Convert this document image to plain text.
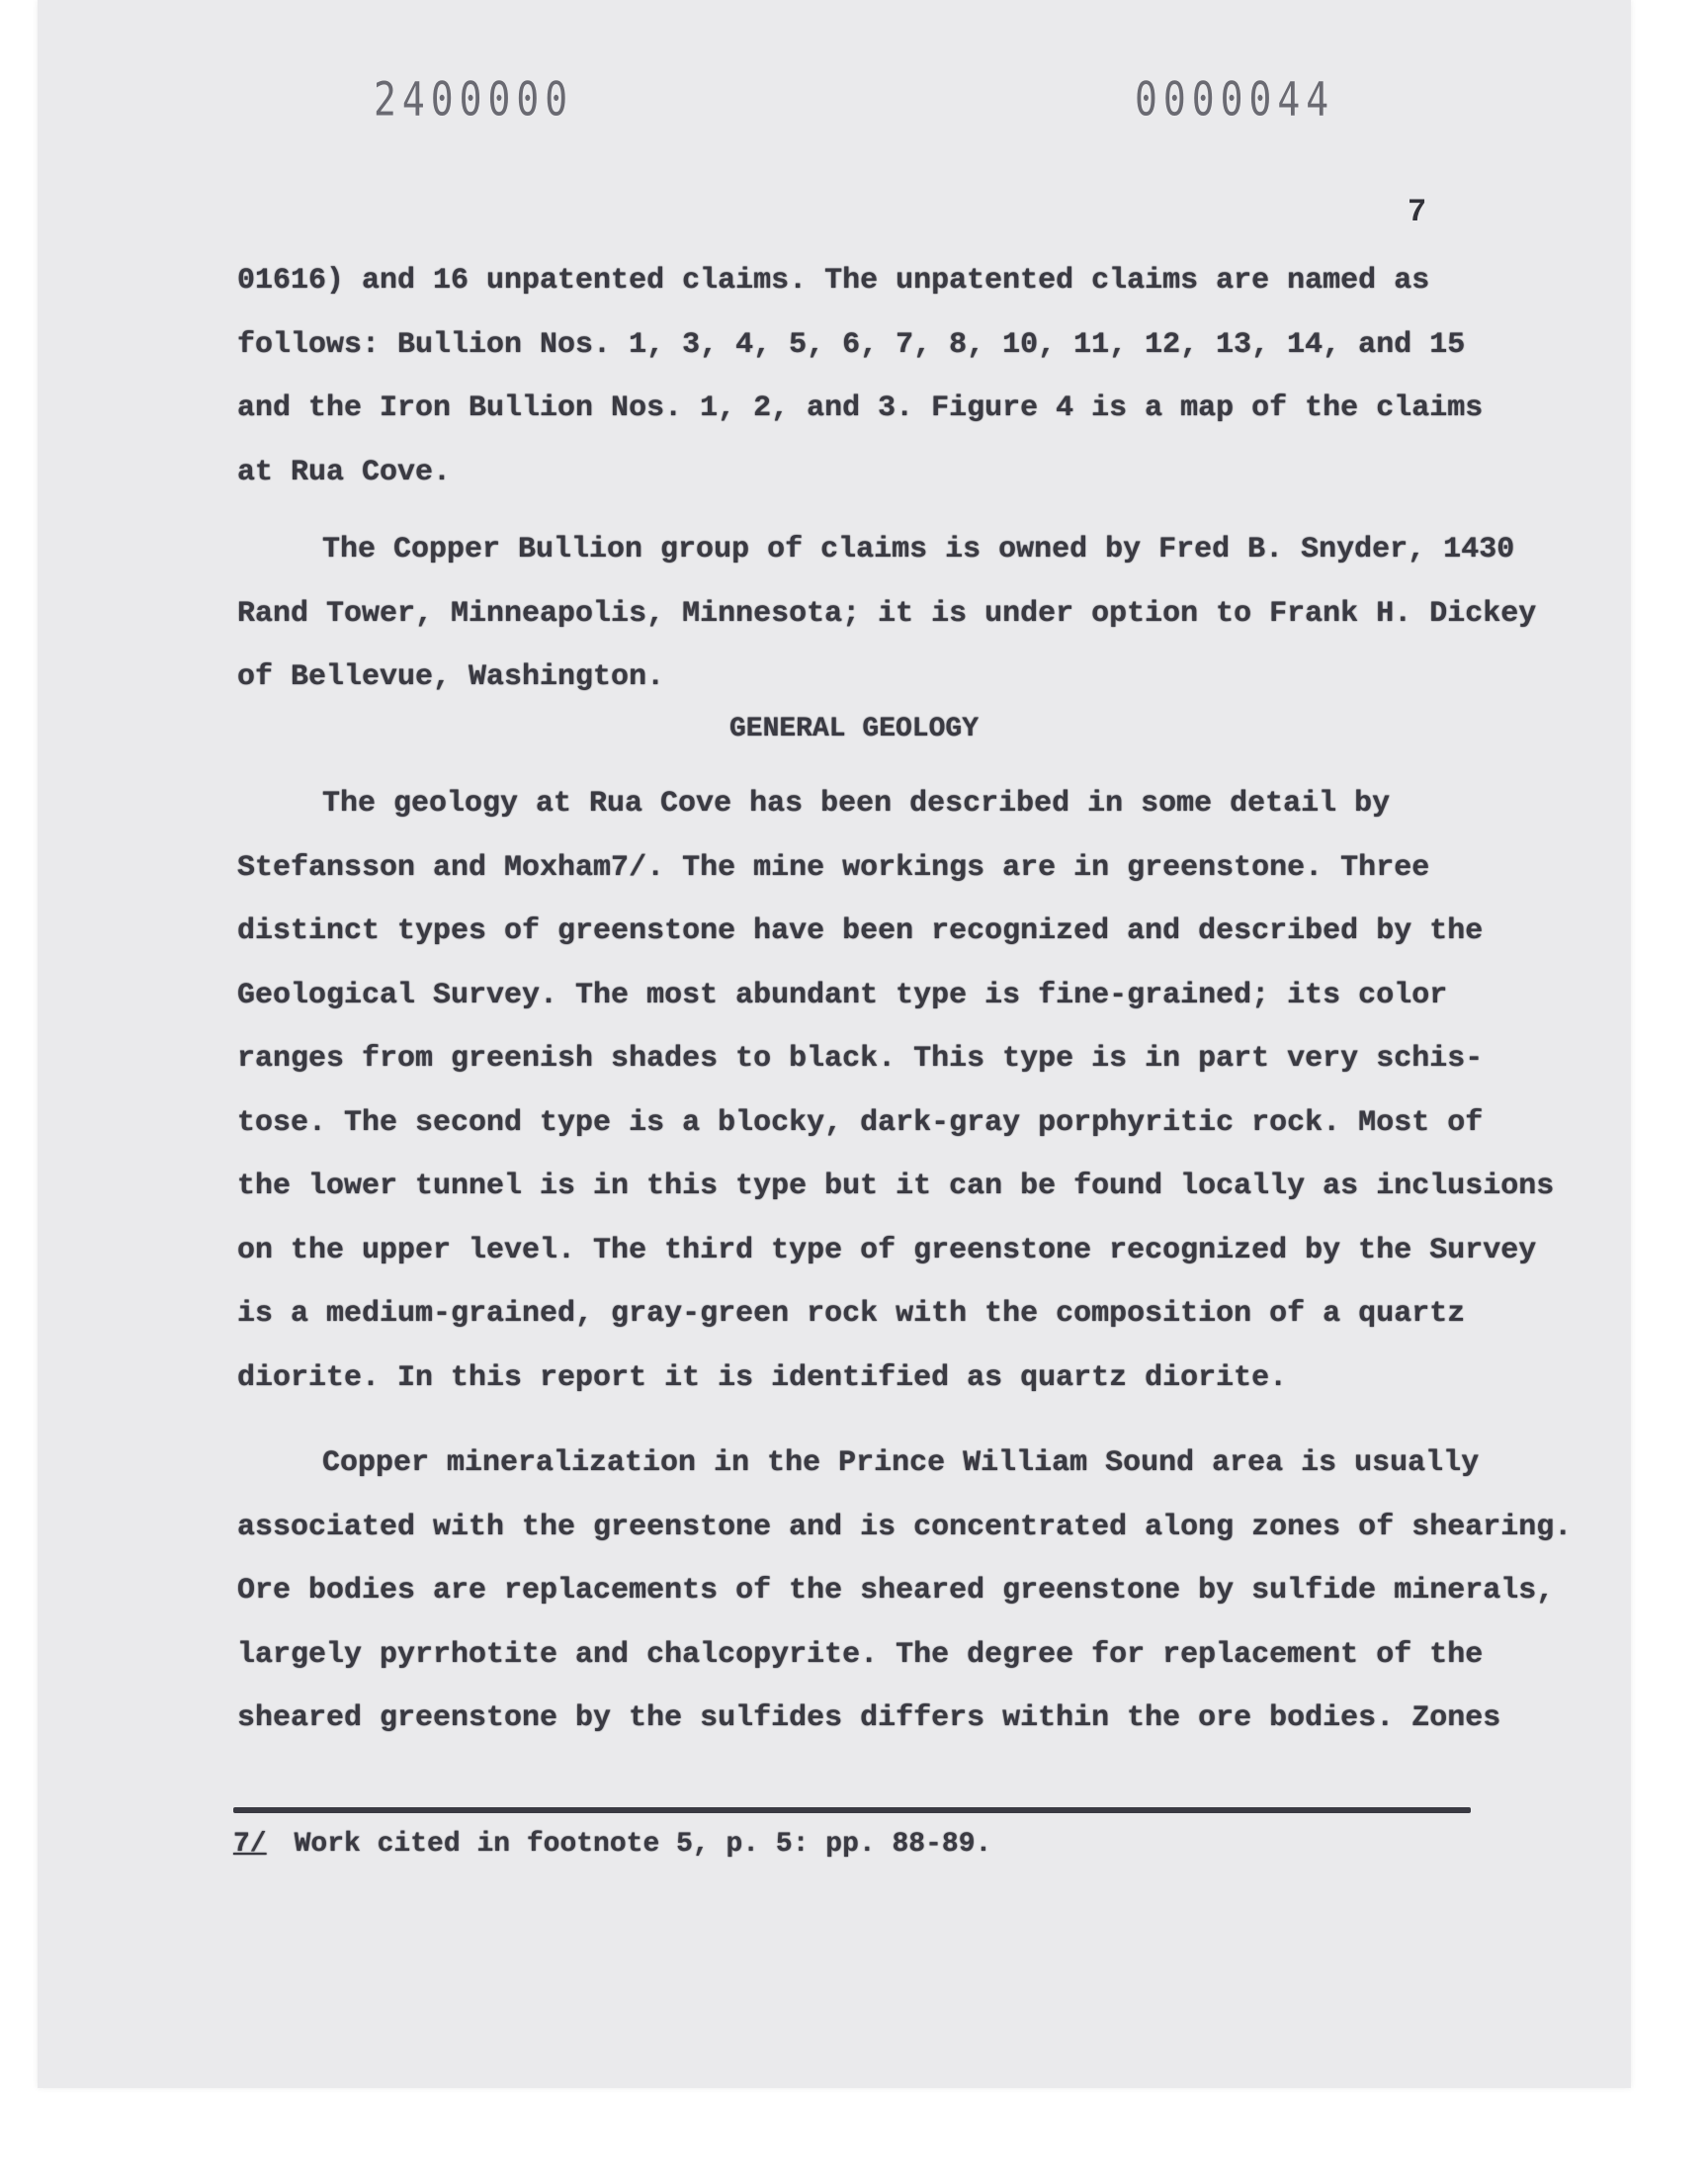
2400000	0000044
7

01616) and 16 unpatented claims. The unpatented claims are named as
follows: Bullion Nos. 1, 3, 4, 5, 6, 7, 8, 10, 11, 12, 13, 14, and 15
and the Iron Bullion Nos. 1, 2, and 3. Figure 4 is a map of the claims
at Rua Cove.

The Copper Bullion group of claims is owned by Fred B. Snyder, 1430
Rand Tower, Minneapolis, Minnesota; it is under option to Frank H. Dickey
of Bellevue, Washington.

GENERAL GEOLOGY

The geology at Rua Cove has been described in some detail by
Stefansson and Moxham7/. The mine workings are in greenstone. Three
distinct types of greenstone have been recognized and described by the
Geological Survey. The most abundant type is fine-grained; its color
ranges from greenish shades to black. This type is in part very schis-
tose. The second type is a blocky, dark-gray porphyritic rock. Most of
the lower tunnel is in this type but it can be found locally as inclusions
on the upper level. The third type of greenstone recognized by the Survey
is a medium-grained, gray-green rock with the composition of a quartz
diorite. In this report it is identified as quartz diorite.

Copper mineralization in the Prince William Sound area is usually
associated with the greenstone and is concentrated along zones of shearing.
Ore bodies are replacements of the sheared greenstone by sulfide minerals,
largely pyrrhotite and chalcopyrite. The degree for replacement of the
sheared greenstone by the sulfides differs within the ore bodies. Zones

7/ Work cited in footnote 5, p. 5: pp. 88-89.
